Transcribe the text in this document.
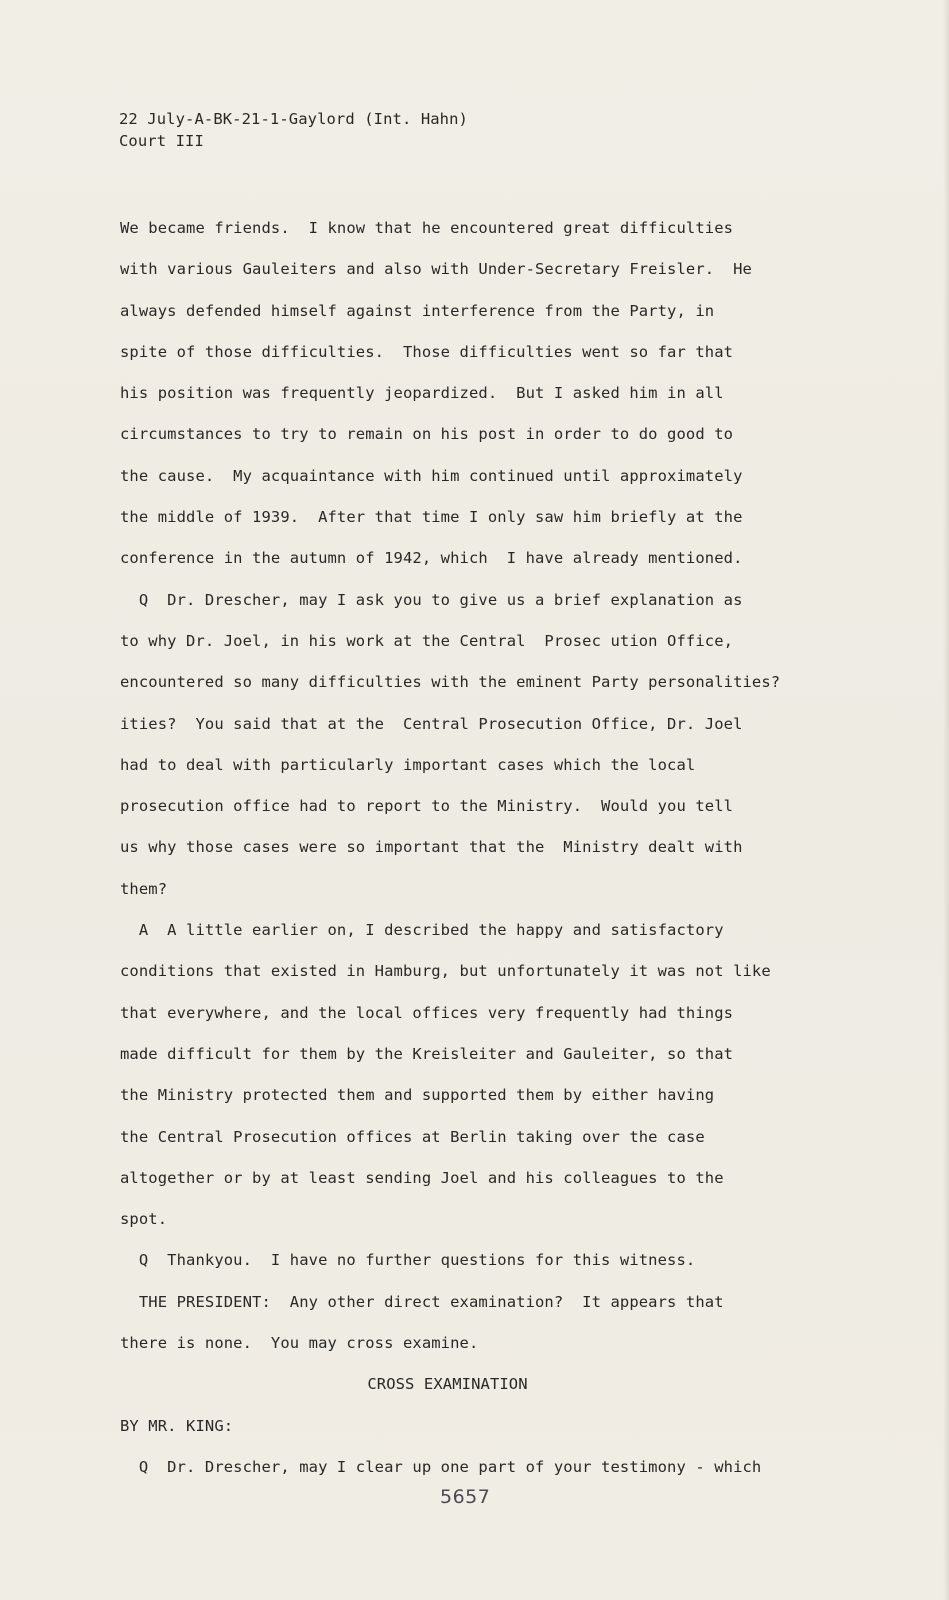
22 July-A-BK-21-1-Gaylord (Int. Hahn)
Court III
We became friends.  I know that he encountered great difficulties
with various Gauleiters and also with Under-Secretary Freisler.  He
always defended himself against interference from the Party, in
spite of those difficulties.  Those difficulties went so far that
his position was frequently jeopardized.  But I asked him in all
circumstances to try to remain on his post in order to do good to
the cause.  My acquaintance with him continued until approximately
the middle of 1939.  After that time I only saw him briefly at the
conference in the autumn of 1942, which  I have already mentioned.
Q  Dr. Drescher, may I ask you to give us a brief explanation as
to why Dr. Joel, in his work at the Central  Prosec ution Office,
encountered so many difficulties with the eminent Party personalities?
ities?  You said that at the  Central Prosecution Office, Dr. Joel
had to deal with particularly important cases which the local
prosecution office had to report to the Ministry.  Would you tell
us why those cases were so important that the  Ministry dealt with
them?
A  A little earlier on, I described the happy and satisfactory
conditions that existed in Hamburg, but unfortunately it was not like
that everywhere, and the local offices very frequently had things
made difficult for them by the Kreisleiter and Gauleiter, so that
the Ministry protected them and supported them by either having
the Central Prosecution offices at Berlin taking over the case
altogether or by at least sending Joel and his colleagues to the
spot.
Q  Thankyou.  I have no further questions for this witness.
THE PRESIDENT:  Any other direct examination?  It appears that
there is none.  You may cross examine.
CROSS EXAMINATION
BY MR. KING:
Q  Dr. Drescher, may I clear up one part of your testimony - which
5657
